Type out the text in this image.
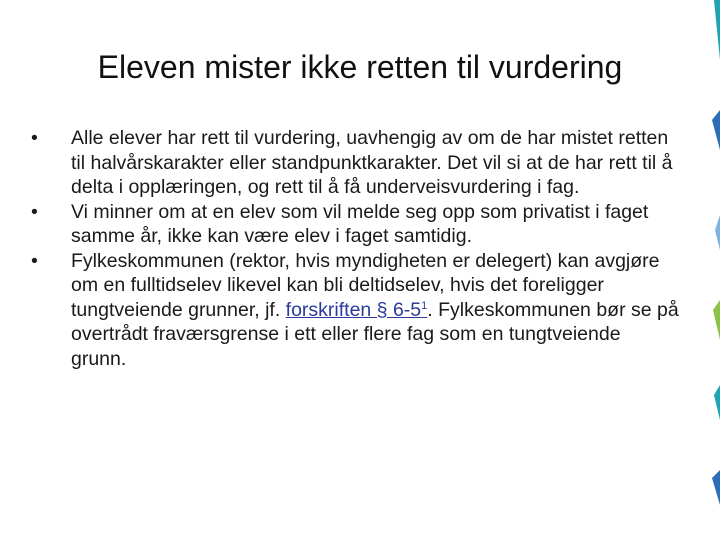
Eleven mister ikke retten til vurdering
• Alle elever har rett til vurdering, uavhengig av om de har mistet retten til halvårskarakter eller standpunktkarakter. Det vil si at de har rett til å delta i opplæringen, og rett til å få underveisvurdering i fag.
• Vi minner om at en elev som vil melde seg opp som privatist i faget samme år, ikke kan være elev i faget samtidig.
• Fylkeskommunen (rektor, hvis myndigheten er delegert) kan avgjøre om en fulltidselev likevel kan bli deltidselev, hvis det foreligger tungtveiende grunner, jf. forskriften § $6-5^1$. Fylkeskommunen bør se på overtrådt fraværsgrense i ett eller flere fag som en tungtveiende grunn.
